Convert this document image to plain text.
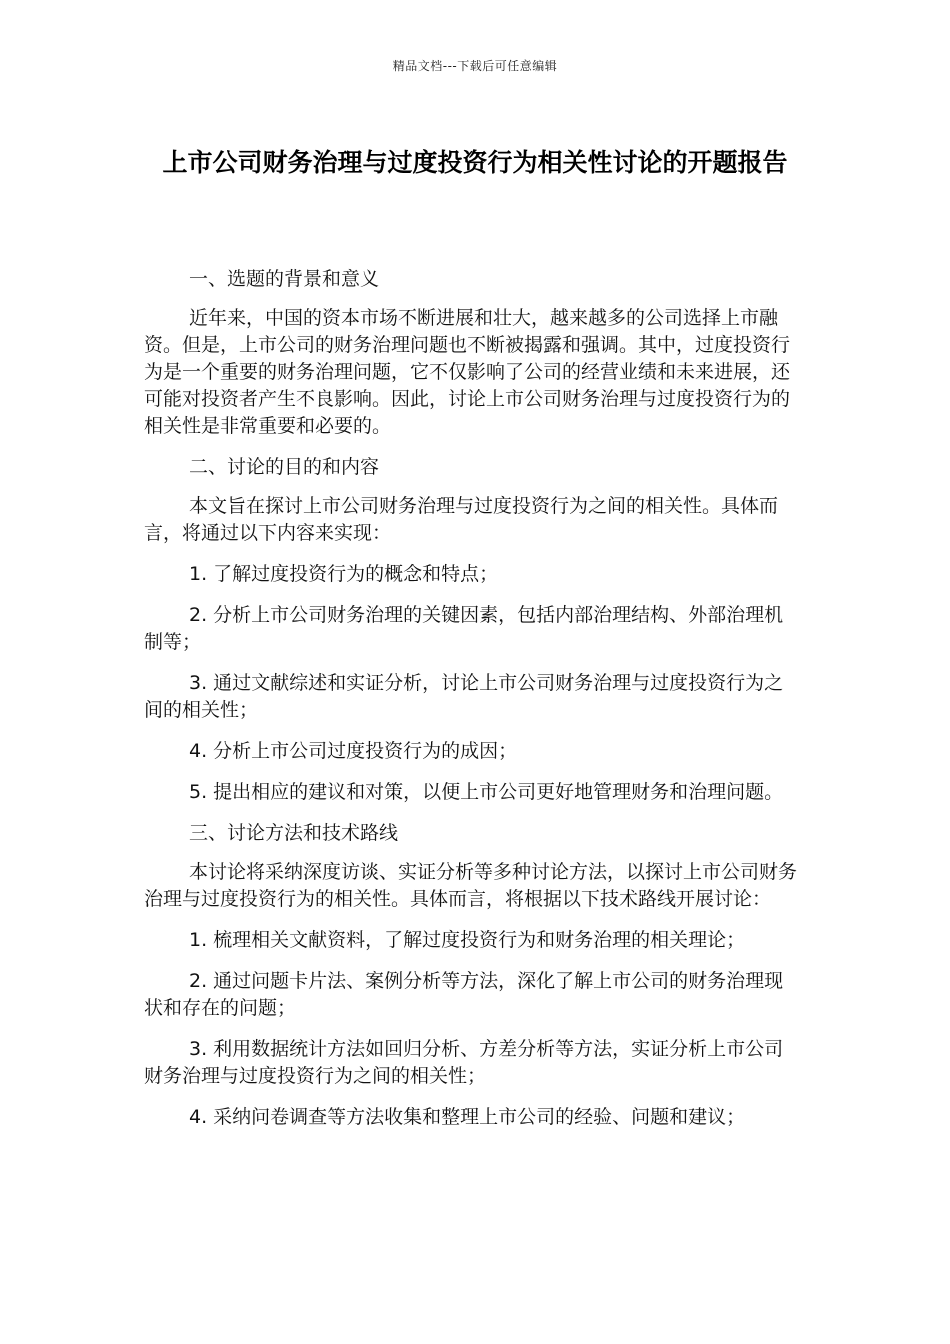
精品文档---下载后可任意编辑
上市公司财务治理与过度投资行为相关性讨论的开题报告

一、选题的背景和意义

近年来，中国的资本市场不断进展和壮大，越来越多的公司选择上市融资。但是，上市公司的财务治理问题也不断被揭露和强调。其中，过度投资行为是一个重要的财务治理问题，它不仅影响了公司的经营业绩和未来进展，还可能对投资者产生不良影响。因此，讨论上市公司财务治理与过度投资行为的相关性是非常重要和必要的。

二、讨论的目的和内容

本文旨在探讨上市公司财务治理与过度投资行为之间的相关性。具体而言，将通过以下内容来实现：

1. 了解过度投资行为的概念和特点；

2. 分析上市公司财务治理的关键因素，包括内部治理结构、外部治理机制等；

3. 通过文献综述和实证分析，讨论上市公司财务治理与过度投资行为之间的相关性；

4. 分析上市公司过度投资行为的成因；

5. 提出相应的建议和对策，以便上市公司更好地管理财务和治理问题。

三、讨论方法和技术路线

本讨论将采纳深度访谈、实证分析等多种讨论方法，以探讨上市公司财务治理与过度投资行为的相关性。具体而言，将根据以下技术路线开展讨论：

1. 梳理相关文献资料，了解过度投资行为和财务治理的相关理论；

2. 通过问题卡片法、案例分析等方法，深化了解上市公司的财务治理现状和存在的问题；

3. 利用数据统计方法如回归分析、方差分析等方法，实证分析上市公司财务治理与过度投资行为之间的相关性；

4. 采纳问卷调查等方法收集和整理上市公司的经验、问题和建议；
